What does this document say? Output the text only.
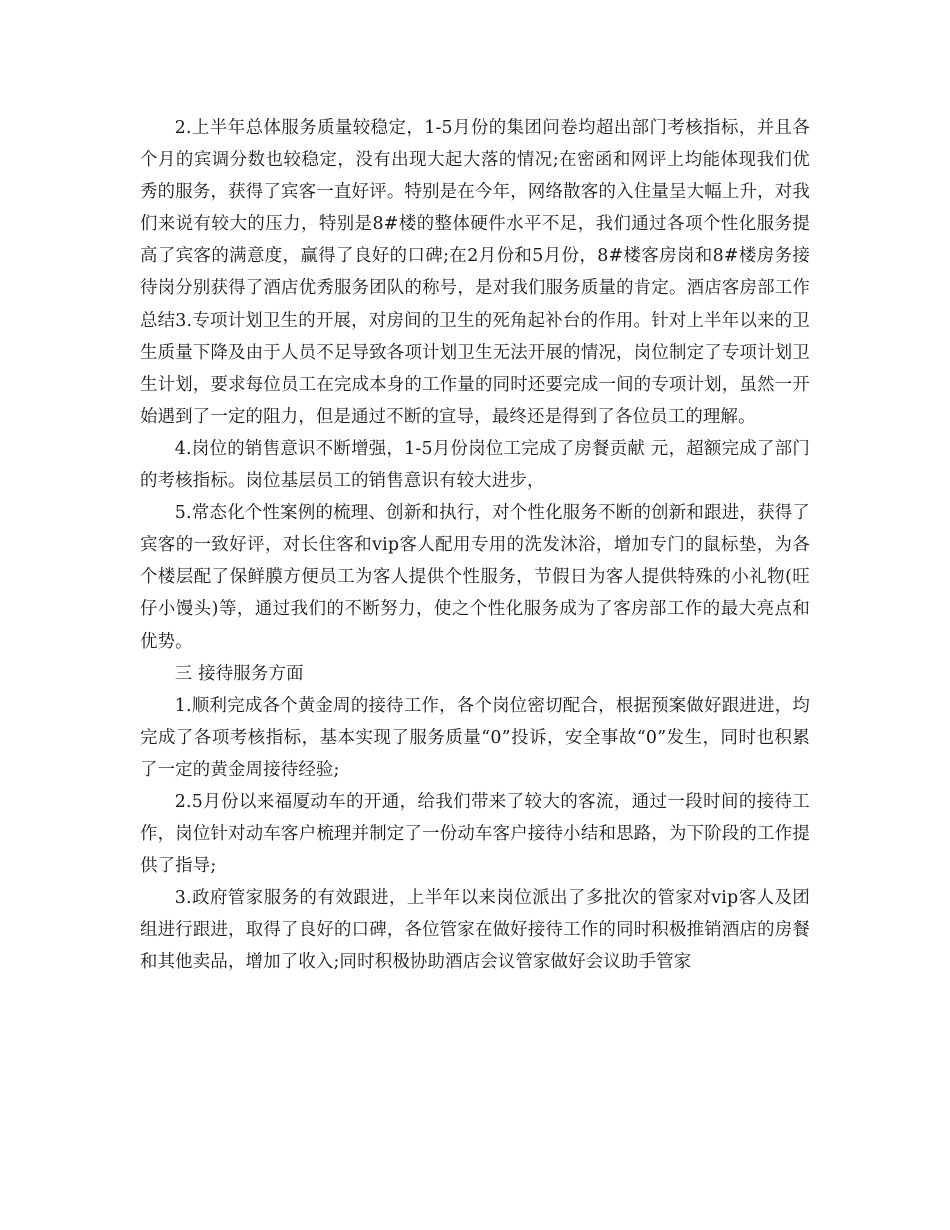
2.上半年总体服务质量较稳定，1-5月份的集团问卷均超出部门考核指标，并且各个月的宾调分数也较稳定，没有出现大起大落的情况;在密函和网评上均能体现我们优秀的服务，获得了宾客一直好评。特别是在今年，网络散客的入住量呈大幅上升，对我们来说有较大的压力，特别是8#楼的整体硬件水平不足，我们通过各项个性化服务提高了宾客的满意度，赢得了良好的口碑;在2月份和5月份，8#楼客房岗和8#楼房务接待岗分别获得了酒店优秀服务团队的称号，是对我们服务质量的肯定。酒店客房部工作总结3.专项计划卫生的开展，对房间的卫生的死角起补台的作用。针对上半年以来的卫生质量下降及由于人员不足导致各项计划卫生无法开展的情况，岗位制定了专项计划卫生计划，要求每位员工在完成本身的工作量的同时还要完成一间的专项计划，虽然一开始遇到了一定的阻力，但是通过不断的宣导，最终还是得到了各位员工的理解。

4.岗位的销售意识不断增强，1-5月份岗位工完成了房餐贡献 元，超额完成了部门的考核指标。岗位基层员工的销售意识有较大进步，

5.常态化个性案例的梳理、创新和执行，对个性化服务不断的创新和跟进，获得了宾客的一致好评，对长住客和vip客人配用专用的洗发沐浴，增加专门的鼠标垫，为各个楼层配了保鲜膜方便员工为客人提供个性服务，节假日为客人提供特殊的小礼物(旺仔小馒头)等，通过我们的不断努力，使之个性化服务成为了客房部工作的最大亮点和优势。

三 接待服务方面

1.顺利完成各个黄金周的接待工作，各个岗位密切配合，根据预案做好跟进进，均完成了各项考核指标，基本实现了服务质量“0”投诉，安全事故“0”发生，同时也积累了一定的黄金周接待经验;

2.5月份以来福厦动车的开通，给我们带来了较大的客流，通过一段时间的接待工作，岗位针对动车客户梳理并制定了一份动车客户接待小结和思路，为下阶段的工作提供了指导;

3.政府管家服务的有效跟进，上半年以来岗位派出了多批次的管家对vip客人及团组进行跟进，取得了良好的口碑，各位管家在做好接待工作的同时积极推销酒店的房餐和其他卖品，增加了收入;同时积极协助酒店会议管家做好会议助手管家
